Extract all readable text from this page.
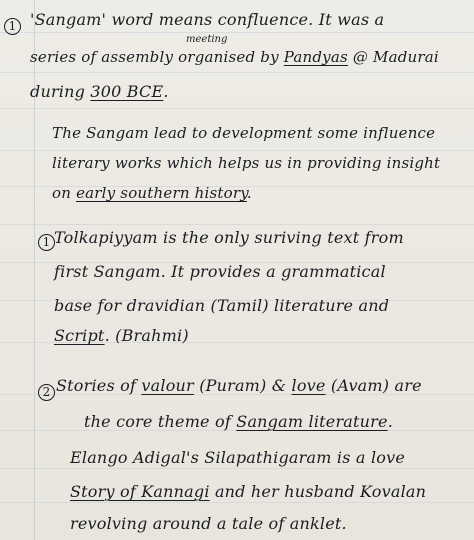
1 'Sangam' word means confluence. It was a
meeting
series of assembly organised by Pandyas @ Madurai
during 300 BCE.
The Sangam lead to development some influence
literary works which helps us in providing insight
on early southern history.
1 Tolkapiyyam is the only suriving text from
first Sangam. It provides a grammatical
base for dravidian (Tamil) literature and
Script. (Brahmi)
2 Stories of valour (Puram) & love (Avam) are
the core theme of Sangam literature.
Elango Adigal's Silapathigaram is a love
Story of Kannagi and her husband Kovalan
revolving around a tale of anklet.
